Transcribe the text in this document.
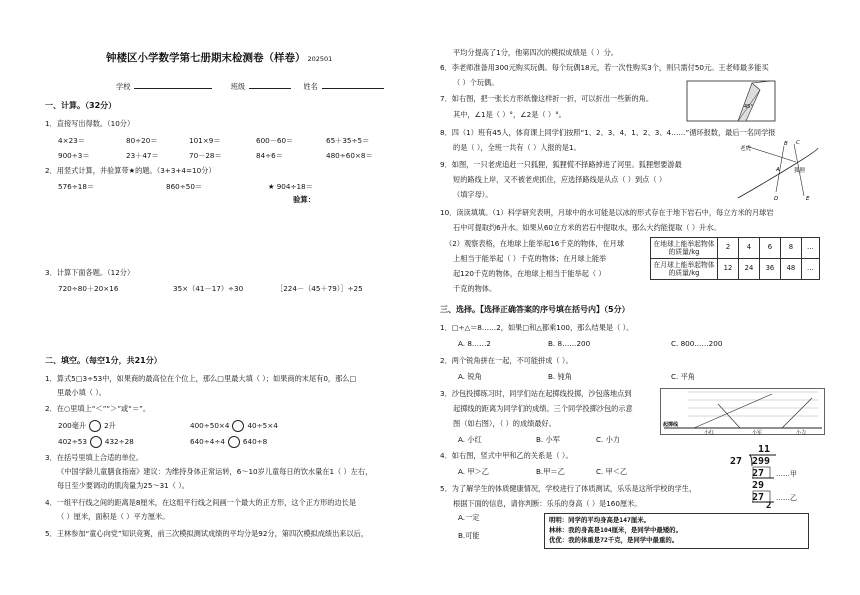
钟楼区小学数学第七册期末检测卷（样卷） 202501
学校	班级	姓名
一、计算。（32分）
1．直接写出得数。（10分）
4×23＝	80÷20＝	101×9＝	600－60＝	65＋35÷5＝
900÷3＝	23＋47＝	70－28＝	84÷6＝	480÷60×8＝
2．用竖式计算，并验算带★的题。（3+3+4=10分）
576÷18＝	860÷50＝	★ 904÷18＝
验算：
3．计算下面各题。（12分）
720÷80＋20×16	35×（41－17）÷30	［224－（45＋79）］÷25
二、填空。（每空1分，共21分）
1．算式5□3÷53中，如果商的最高位在个位上，那么□里最大填（ ）；如果商的末尾有0，那么□
里最小填（ ）。
2．在○里填上“＜”“＞”或“＝”。
200毫升	2升	400÷50×4	40÷5×4
402÷53	432÷28	640÷4÷4	640÷8
3．在括号里填上合适的单位。
《中国学龄儿童膳食指南》建议：为维持身体正常运转，6～10岁儿童每日的饮水量在1（ ）左右，
每日至少要调动的肌肉量为25～31（ ）。
4．一组平行线之间的距离是8厘米，在这组平行线之间画一个最大的正方形，这个正方形的边长是
（ ）厘米，面积是（ ）平方厘米。
5．王林参加“童心向党”知识竞赛，前三次模拟测试成绩的平均分是92分，第四次模拟成绩出来以后，
平均分提高了1分，他第四次的模拟成绩是（ ）分。
6．李老师准备用300元购买玩偶。每个玩偶18元，若一次性购买3个，则只需付50元。王老师最多能买
（ ）个玩偶。
7．如右图，把一张长方形纸像这样折一折，可以折出一些新的角。
其中，∠1是（ ）°，∠2是（ ）°。
45°
8．四（1）班有45人，体育课上同学们按照“1、2、3、4、1、2、3、4……”循环报数，最后一名同学报
的是（ ），全班一共有（ ）人报的是1。
9．如图，一只老虎追赶一只狐狸，狐狸慌不择路掉进了河里。狐狸想要游最
短的路线上岸，又不被老虎抓住，应选择路线是从点（ ）到点（ ）
（填字母）。
老虎
狐狸
B C
A
D	E
10．读读填填。（1）科学研究表明，月球中的水可能是以冰的形式存在于地下岩石中，每立方米的月球岩
石中可提取约6升水。如果从60立方米的岩石中提取水，那么大约能提取（ ）升水。
（2）观察表格，在地球上能举起16千克的物体，在月球
上相当于能举起（ ）千克的物体；在月球上能举
起120千克的物体，在地球上相当于能举起（ ）
千克的物体。
在地球上能举起物体的质量/kg	2	4	6	8	…
在月球上能举起物体的质量/kg	12	24	36	48	…
三、选择。【选择正确答案的序号填在括号内】（5分）
1．□÷△＝8……2，如果□和△都乘100，那么结果是（ ）。
A. 8……2	B. 8……200	C. 800……200
2．两个锐角拼在一起，不可能拼成（ ）。
A. 锐角	B. 钝角	C. 平角
3．沙包投掷练习时，同学们站在起掷线投掷，沙包落地点到
起掷线的距离为同学们的成绩。三个同学投掷沙包的示意
图（如右图），（ ）的成绩最好。
A. 小红	B. 小军	C. 小力
起掷线
小红	小军	小力
4．如右图，竖式中甲和乙的关系是（ ）。
A. 甲＞乙	B.甲＝乙	C. 甲＜乙
11
27 299
27
29
27
2
……甲
……乙
5．为了解学生的体质健康情况，学校进行了体质测试，乐乐是这所学校的学生，
根据下面的信息，请你判断：乐乐的身高（ ）是160厘米。
A.一定
B.可能
明明：同学的平均身高是147厘米。
林林：我的身高是104厘米，是同学中最矮的。
优优：我的体重是72千克，是同学中最重的。
